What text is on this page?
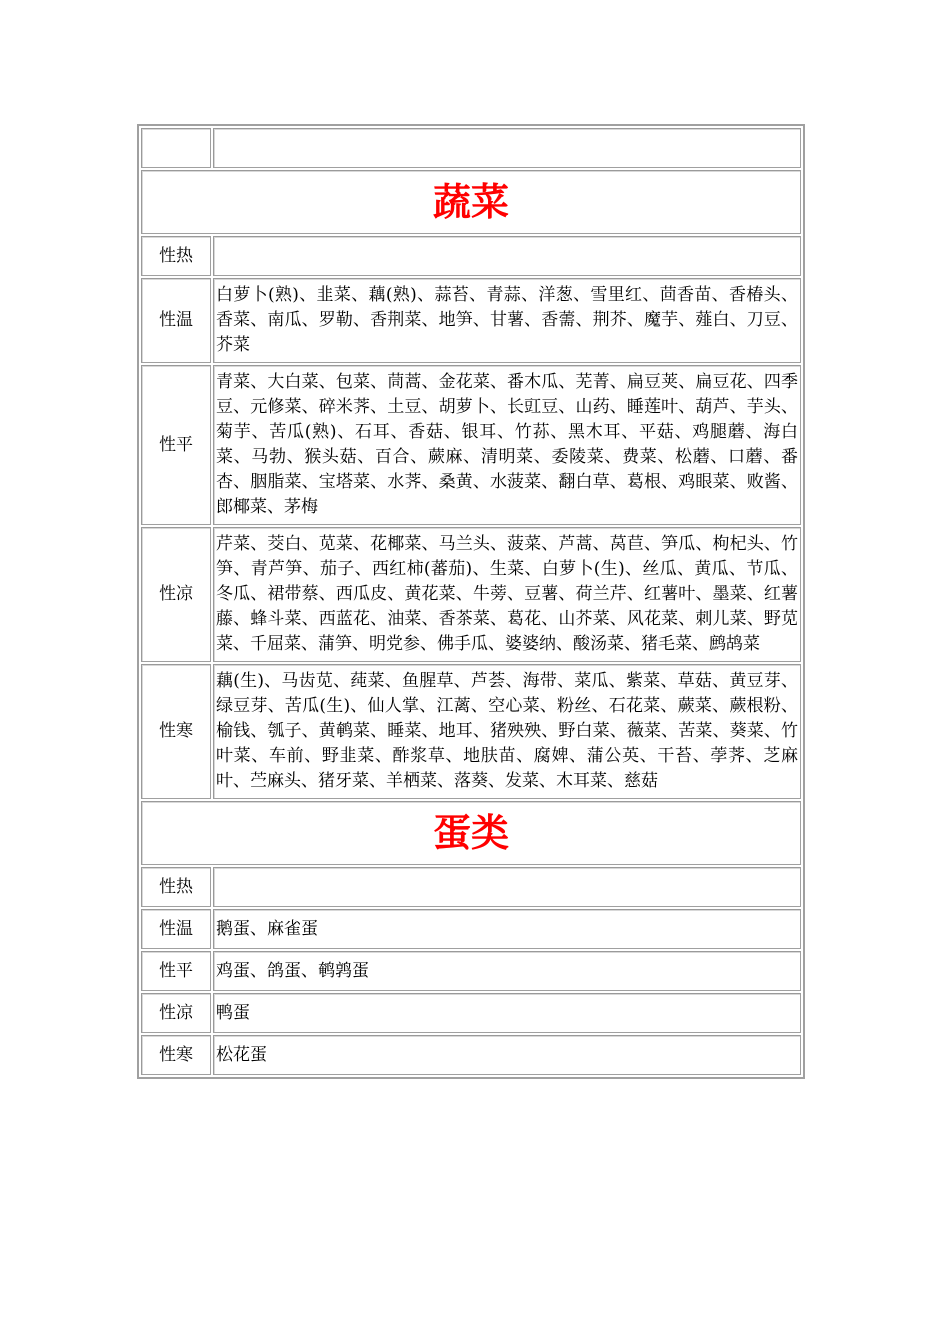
蔬菜	
性热	
性温	白萝卜(熟)、韭菜、藕(熟)、蒜苔、青蒜、洋葱、雪里红、茴香苗、香椿头、香菜、南瓜、罗勒、香荆菜、地笋、甘薯、香薷、荆芥、魔芋、薤白、刀豆、芥菜
性平	青菜、大白菜、包菜、茼蒿、金花菜、番木瓜、芜菁、扁豆荚、扁豆花、四季豆、元修菜、碎米荠、土豆、胡萝卜、长豇豆、山药、睡莲叶、葫芦、芋头、菊芋、苦瓜(熟)、石耳、香菇、银耳、竹荪、黑木耳、平菇、鸡腿蘑、海白菜、马勃、猴头菇、百合、蕨麻、清明菜、委陵菜、费菜、松蘑、口蘑、番杏、胭脂菜、宝塔菜、水荠、桑黄、水菠菜、翻白草、葛根、鸡眼菜、败酱、郎椰菜、茅梅
性凉	芹菜、茭白、苋菜、花椰菜、马兰头、菠菜、芦蒿、莴苣、笋瓜、枸杞头、竹笋、青芦笋、茄子、西红柿(蕃茄)、生菜、白萝卜(生)、丝瓜、黄瓜、节瓜、冬瓜、裙带蔡、西瓜皮、黄花菜、牛蒡、豆薯、荷兰芹、红薯叶、墨菜、红薯藤、蜂斗菜、西蓝花、油菜、香茶菜、葛花、山芥菜、风花菜、刺儿菜、野苋菜、千屈菜、蒲笋、明党参、佛手瓜、婆婆纳、酸汤菜、猪毛菜、鹧鸪菜
性寒	藕(生)、马齿苋、莼菜、鱼腥草、芦荟、海带、菜瓜、紫菜、草菇、黄豆芽、绿豆芽、苦瓜(生)、仙人掌、江蓠、空心菜、粉丝、石花菜、蕨菜、蕨根粉、榆钱、瓠子、黄鹌菜、睡菜、地耳、猪殃殃、野白菜、薇菜、苦菜、葵菜、竹叶菜、车前、野韭菜、酢浆草、地肤苗、腐婢、蒲公英、干苔、荸荠、芝麻叶、苎麻头、猪牙菜、羊栖菜、落葵、发菜、木耳菜、慈菇
蛋类	
性热	
性温	鹅蛋、麻雀蛋
性平	鸡蛋、鸽蛋、鹌鹑蛋
性凉	鸭蛋
性寒	松花蛋
